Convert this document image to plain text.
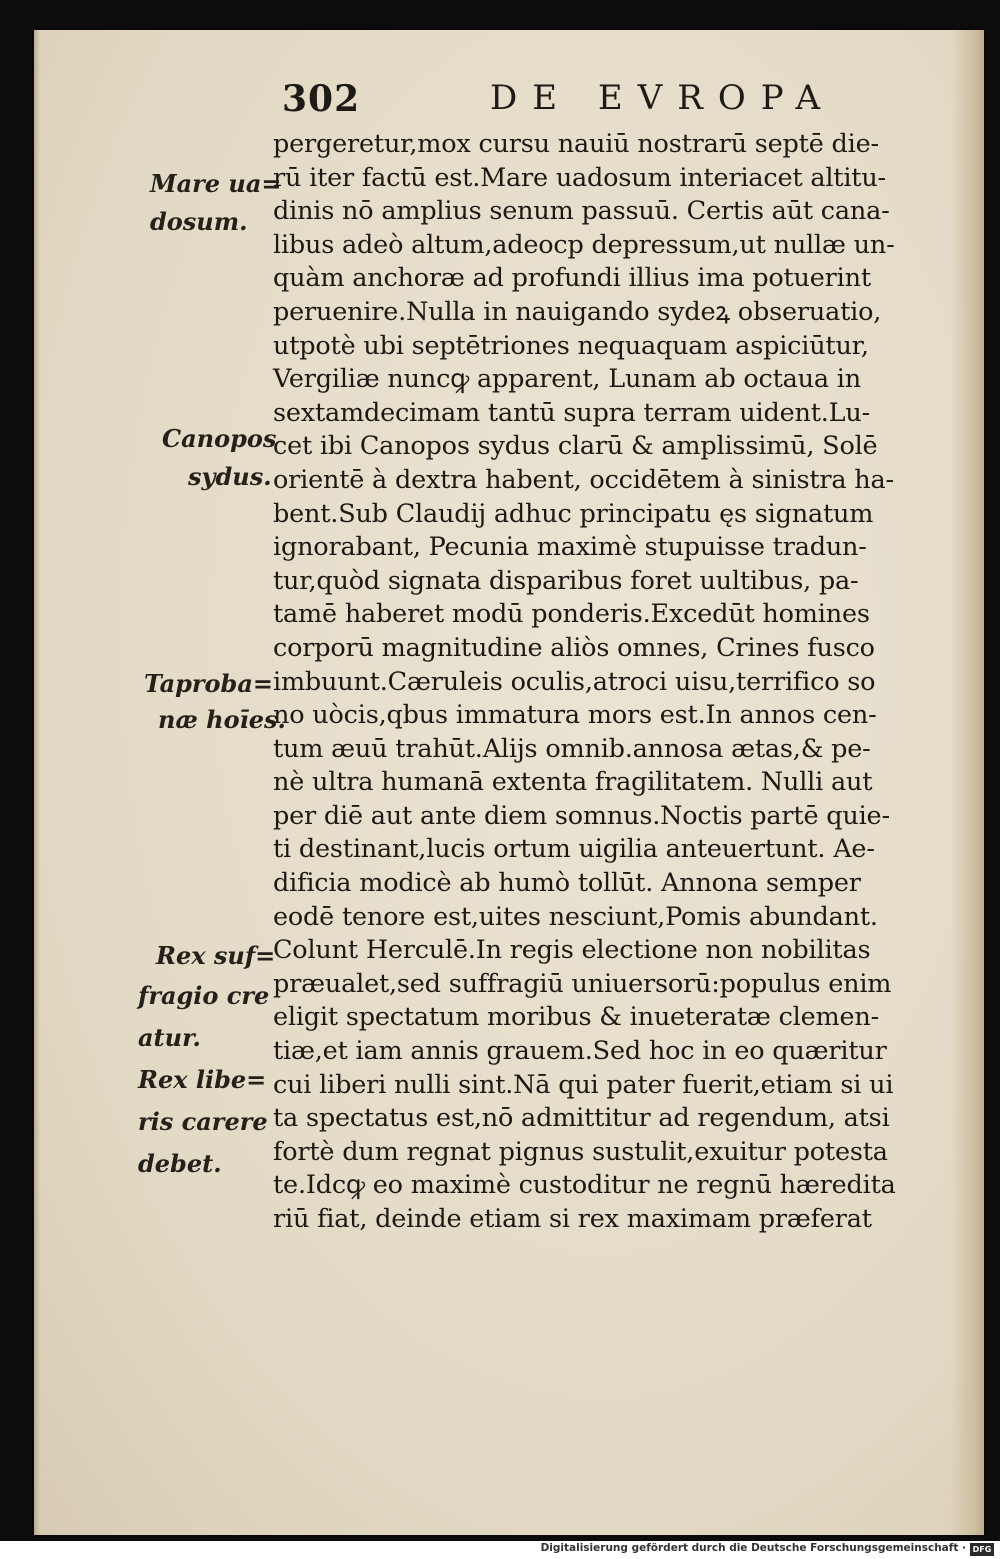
302	DE EVROPA
pergeretur,mox cursu nauiū nostrarū septē die-
rū iter factū est.Mare uadosum interiacet altitu-
dinis nō amplius senum passuū. Certis aūt cana-
libus adeò altum,adeocp depressum,ut nullæ un-
quàm anchoræ ad profundi illius ima potuerint
peruenire.Nulla in nauigando sydeꝝ obseruatio,
utpotè ubi septētriones nequaquam aspiciūtur,
Vergiliæ nuncꝙ apparent, Lunam ab octaua in
sextamdecimam tantū supra terram uident.Lu-
cet ibi Canopos sydus clarū & amplissimū, Solē
orientē à dextra habent, occidētem à sinistra ha-
bent.Sub Claudij adhuc principatu ęs signatum
ignorabant, Pecunia maximè stupuisse tradun-
tur,quòd signata disparibus foret uultibus, pa-
tamē haberet modū ponderis.Excedūt homines
corporū magnitudine aliòs omnes, Crines fusco
imbuunt.Cæruleis oculis,atroci uisu,terrifico so
no uòcis,qbus immatura mors est.In annos cen-
tum æuū trahūt.Alijs omnib.annosa ætas,& pe-
nè ultra humanā extenta fragilitatem. Nulli aut
per diē aut ante diem somnus.Noctis partē quie-
ti destinant,lucis ortum uigilia anteuertunt. Ae-
dificia modicè ab humò tollūt. Annona semper
eodē tenore est,uites nesciunt,Pomis abundant.
Colunt Herculē.In regis electione non nobilitas
præualet,sed suffragiū uniuersorū:populus enim
eligit spectatum moribus & inueteratæ clemen-
tiæ,et iam annis grauem.Sed hoc in eo quæritur
cui liberi nulli sint.Nā qui pater fuerit,etiam si ui
ta spectatus est,nō admittitur ad regendum, atsi
fortè dum regnat pignus sustulit,exuitur potesta
te.Idcꝙ eo maximè custoditur ne regnū hæredita
riū fiat, deinde etiam si rex maximam præferat
Mare ua=
dosum.
Canopos
sydus.
Taproba=
næ hoīes.
Rex suf=
fragio cre
atur.
Rex libe=
ris carere
debet.
Digitalisierung gefördert durch die Deutsche Forschungsgemeinschaft · DFG
